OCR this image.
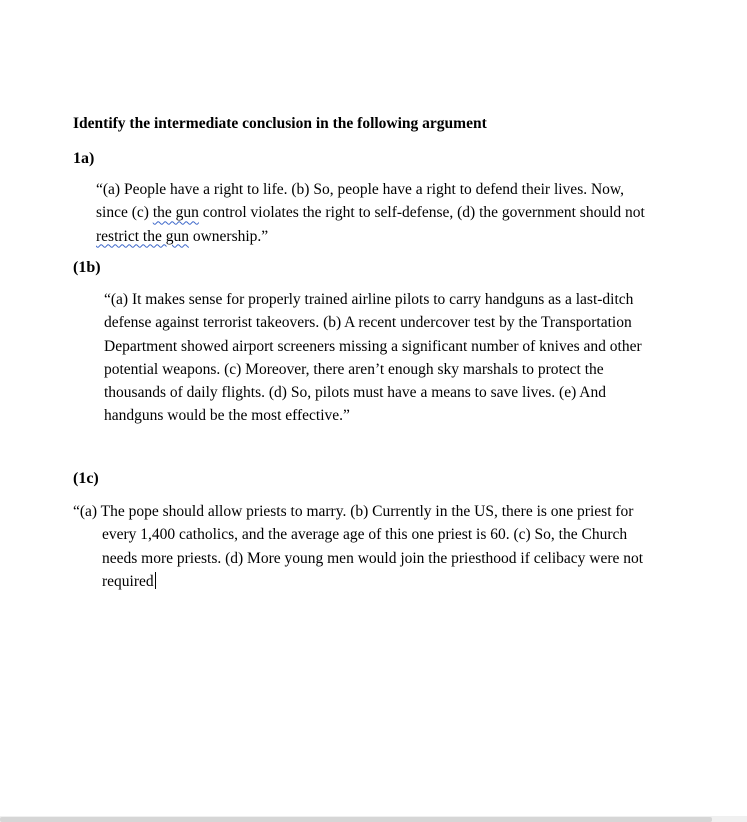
Identify the intermediate conclusion in the following argument
1a)
“(a) People have a right to life. (b) So, people have a right to defend their lives. Now,
since (c) the gun control violates the right to self-defense, (d) the government should not
restrict the gun ownership.”
(1b)
“(a) It makes sense for properly trained airline pilots to carry handguns as a last-ditch
defense against terrorist takeovers. (b) A recent undercover test by the Transportation
Department showed airport screeners missing a significant number of knives and other
potential weapons. (c) Moreover, there aren’t enough sky marshals to protect the
thousands of daily flights. (d) So, pilots must have a means to save lives. (e) And
handguns would be the most effective.”
(1c)
“(a) The pope should allow priests to marry. (b) Currently in the US, there is one priest for
every 1,400 catholics, and the average age of this one priest is 60. (c) So, the Church
needs more priests. (d) More young men would join the priesthood if celibacy were not
required
